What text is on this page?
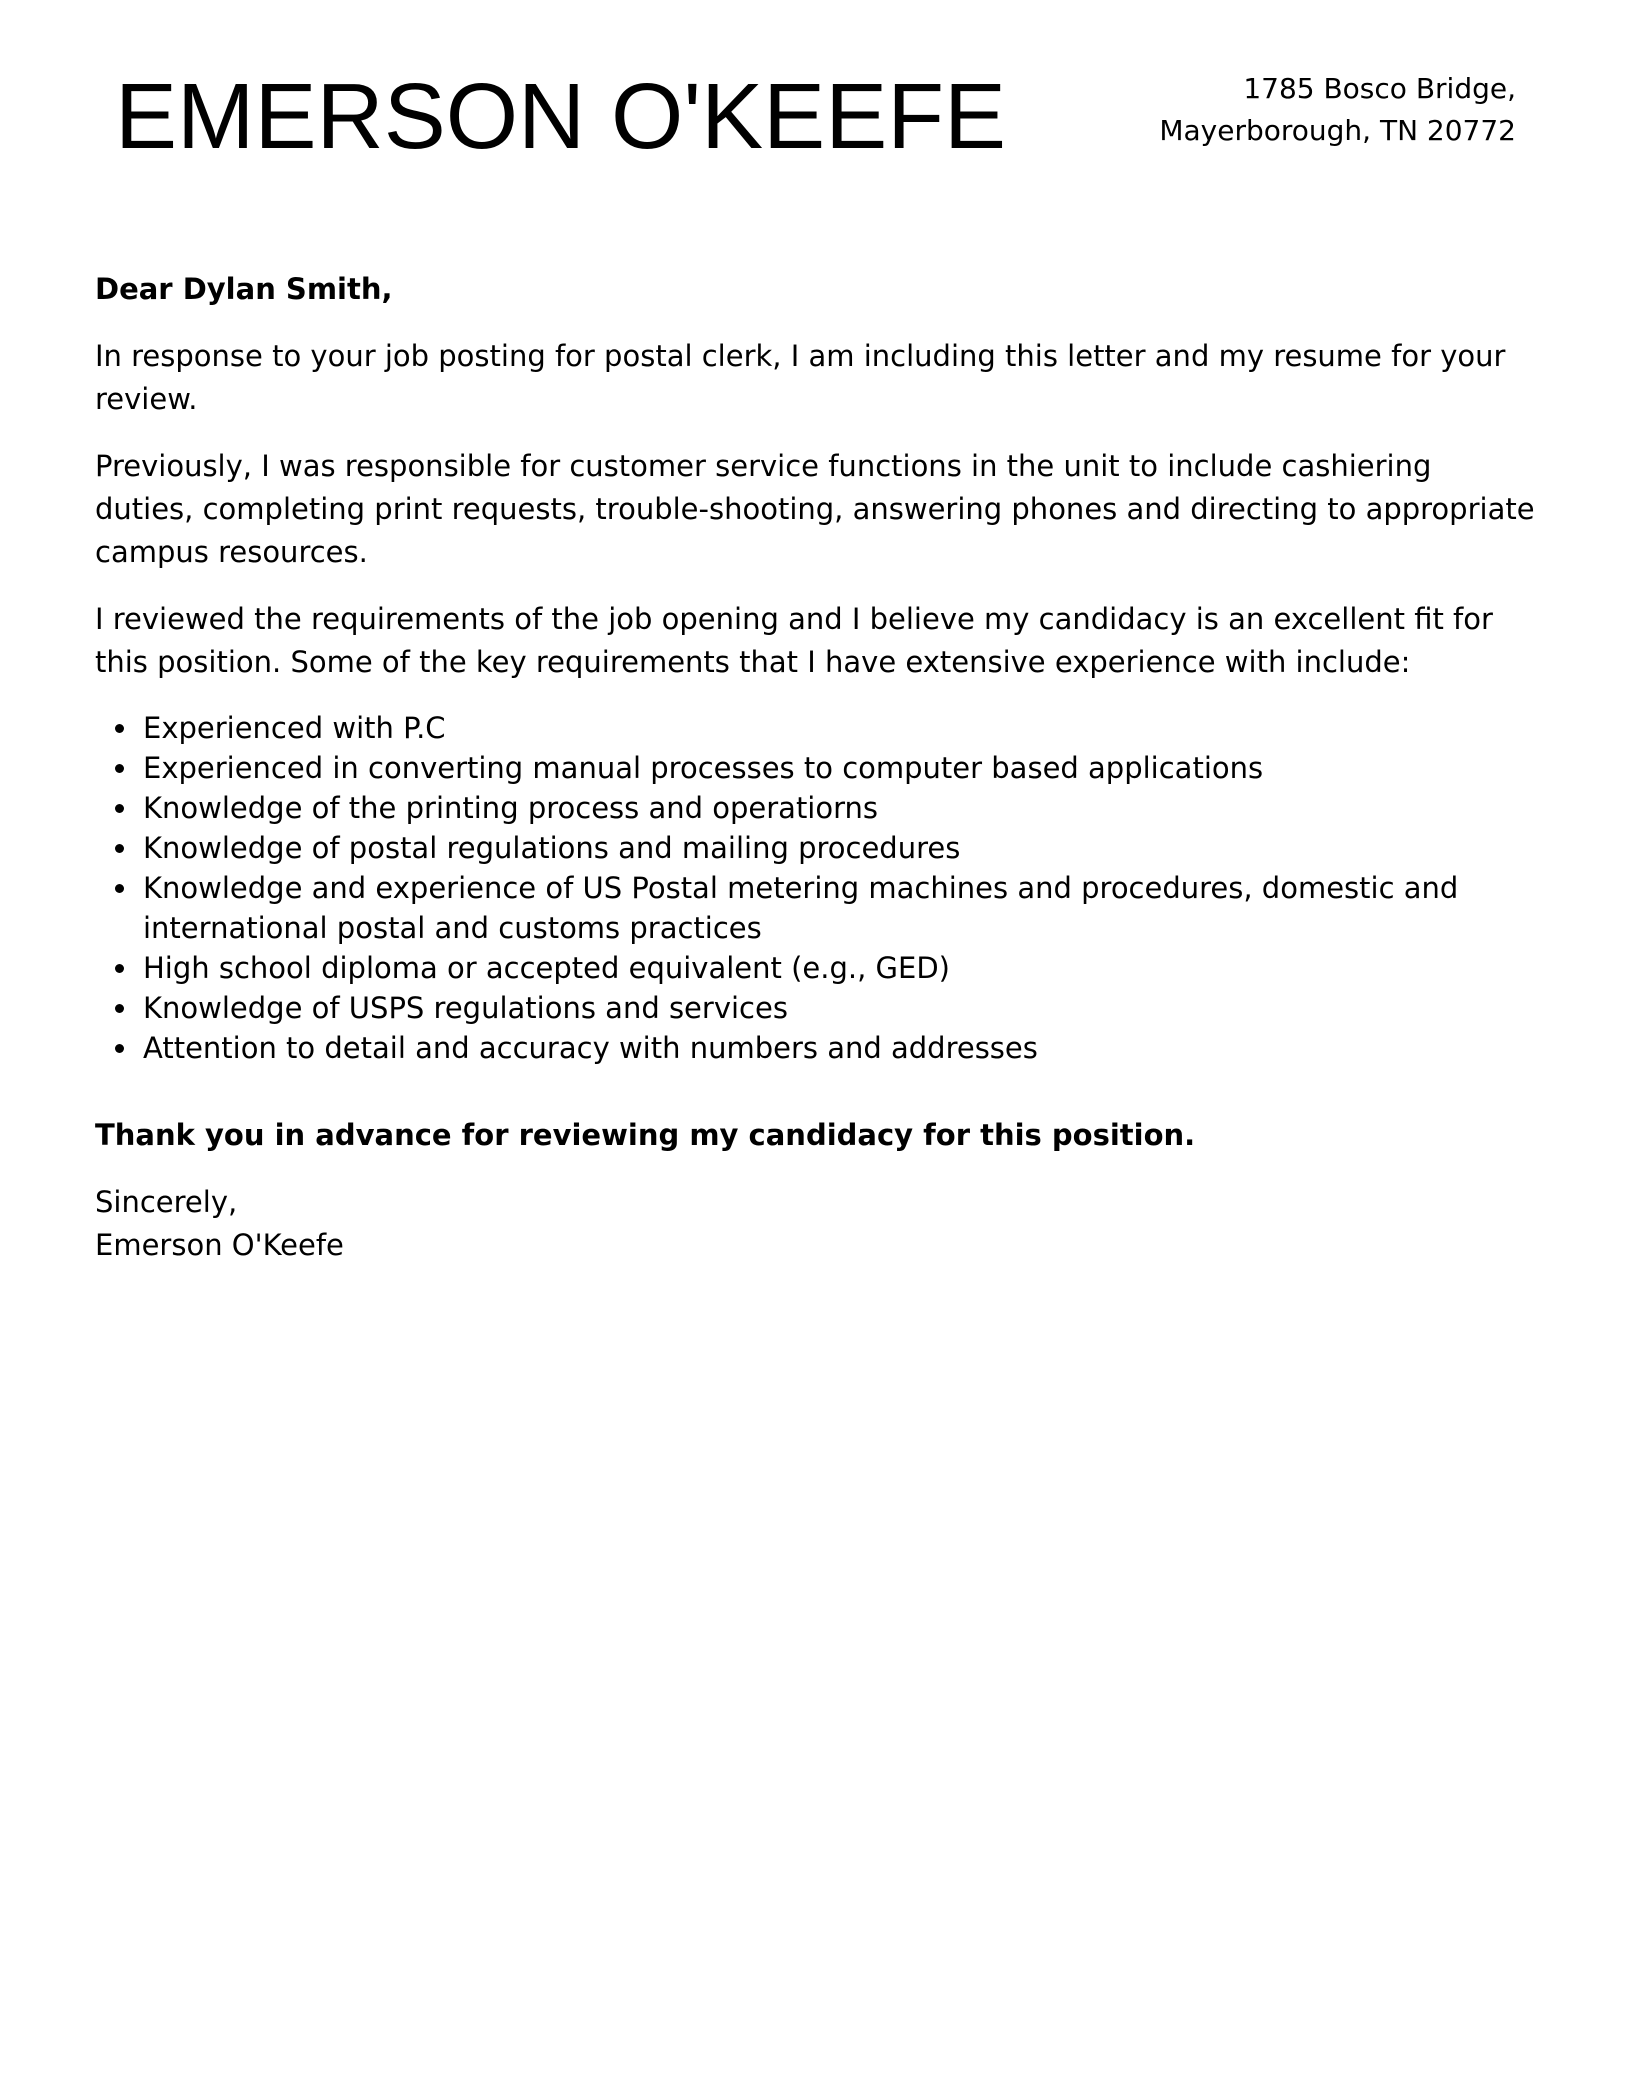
EMERSON O'KEEFE	1785 Bosco Bridge,
Mayerborough, TN 20772

Dear Dylan Smith,

In response to your job posting for postal clerk, I am including this letter and my resume for your review.

Previously, I was responsible for customer service functions in the unit to include cashiering duties, completing print requests, trouble-shooting, answering phones and directing to appropriate campus resources.

I reviewed the requirements of the job opening and I believe my candidacy is an excellent fit for this position. Some of the key requirements that I have extensive experience with include:

Experienced with P.C
Experienced in converting manual processes to computer based applications
Knowledge of the printing process and operatiorns
Knowledge of postal regulations and mailing procedures
Knowledge and experience of US Postal metering machines and procedures, domestic and international postal and customs practices
High school diploma or accepted equivalent (e.g., GED)
Knowledge of USPS regulations and services
Attention to detail and accuracy with numbers and addresses

Thank you in advance for reviewing my candidacy for this position.

Sincerely,
Emerson O'Keefe
